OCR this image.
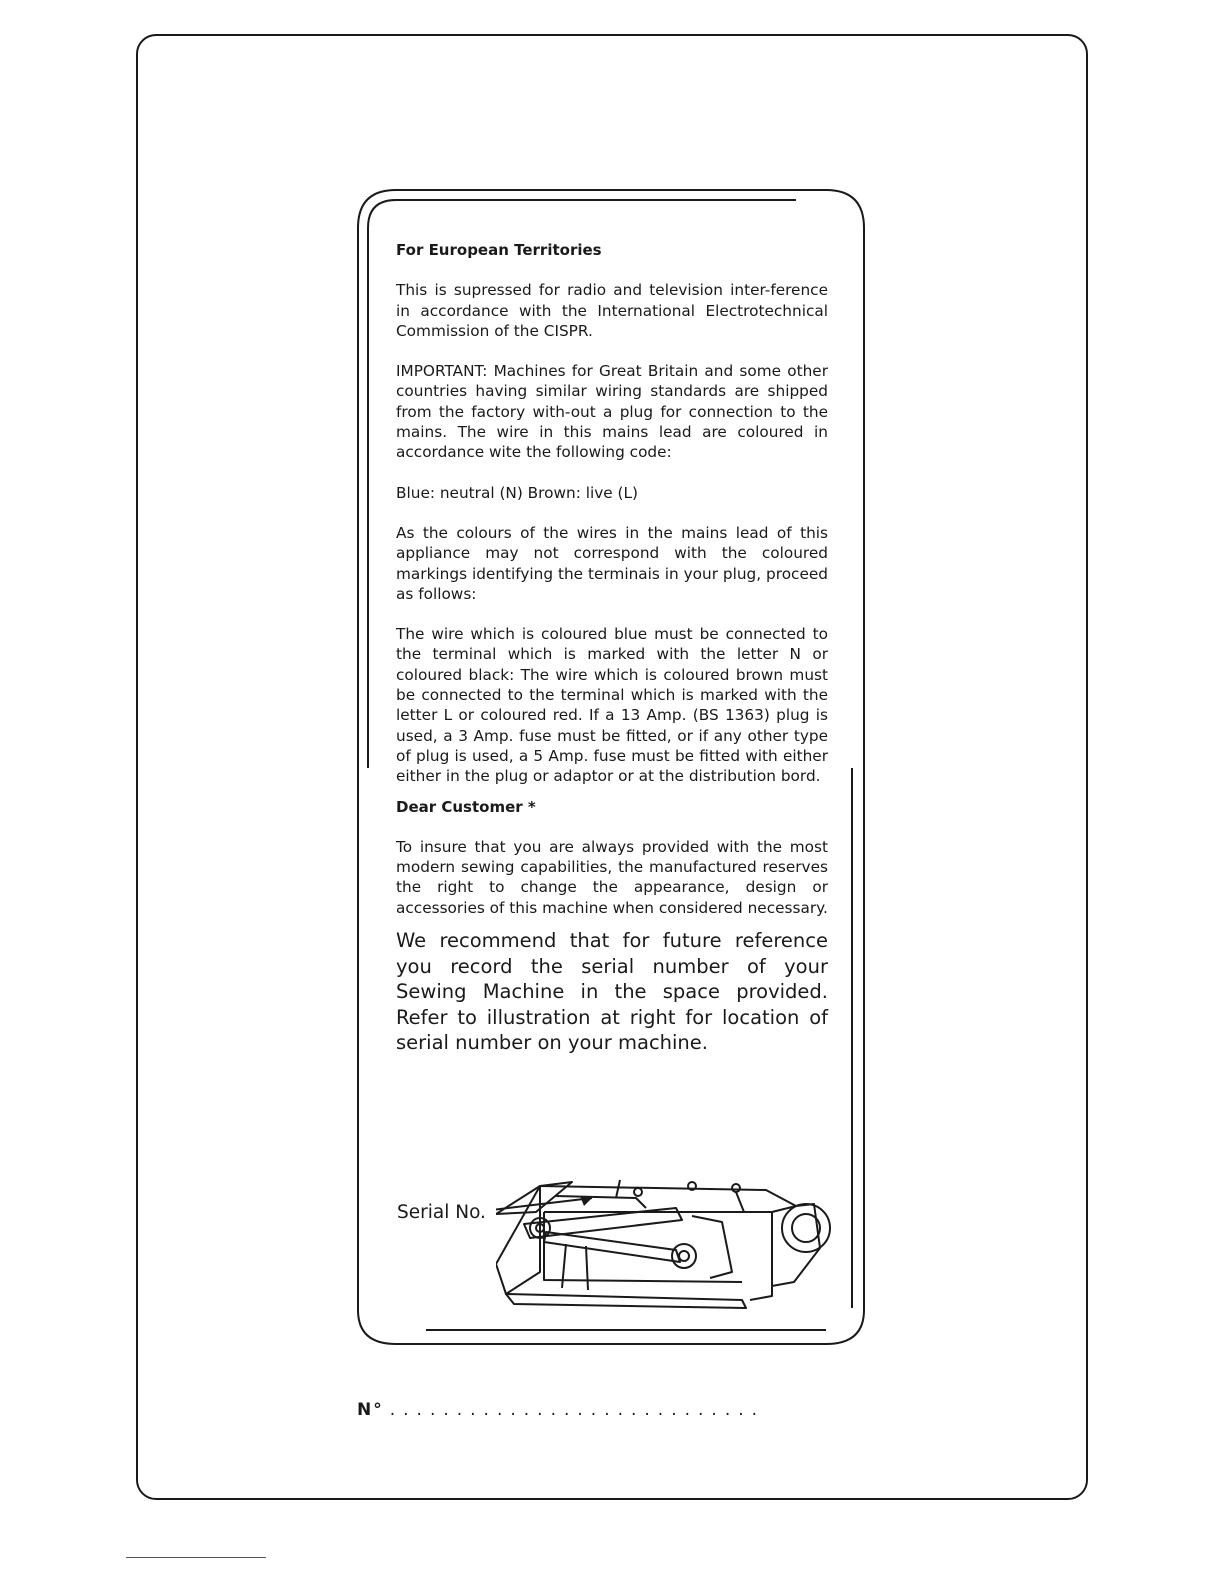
For European Territories

This is supressed for radio and television inter-ference in accordance with the International Electrotechnical Commission of the CISPR.

IMPORTANT: Machines for Great Britain and some other countries having similar wiring standards are shipped from the factory with-out a plug for connection to the mains. The wire in this mains lead are coloured in accordance wite the following code:

Blue: neutral (N) Brown: live (L)

As the colours of the wires in the mains lead of this appliance may not correspond with the coloured markings identifying the terminais in your plug, proceed as follows:

The wire which is coloured blue must be connected to the terminal which is marked with the letter N or coloured black: The wire which is coloured brown must be connected to the terminal which is marked with the letter L or coloured red. If a 13 Amp. (BS 1363) plug is used, a 3 Amp. fuse must be fitted, or if any other type of plug is used, a 5 Amp. fuse must be fitted with either either in the plug or adaptor or at the distribution bord.

Dear Customer *

To insure that you are always provided with the most modern sewing capabilities, the manufactured reserves the right to change the appearance, design or accessories of this machine when considered necessary.

We recommend that for future reference you record the serial number of your Sewing Machine in the space provided. Refer to illustration at right for location of serial number on your machine.

Serial No.
N° ............................
